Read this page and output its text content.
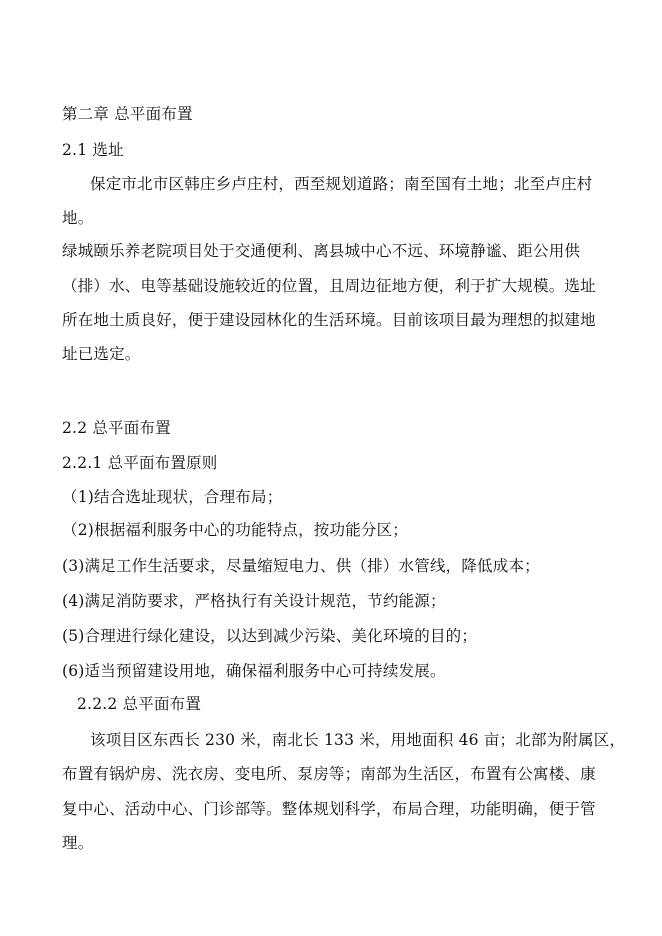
第二章 总平面布置
2.1 选址
保定市北市区韩庄乡卢庄村，西至规划道路；南至国有土地；北至卢庄村
地。
绿城颐乐养老院项目处于交通便利、离县城中心不远、环境静谧、距公用供
（排）水、电等基础设施较近的位置，且周边征地方便，利于扩大规模。选址
所在地土质良好，便于建设园林化的生活环境。目前该项目最为理想的拟建地
址已选定。
2.2 总平面布置
2.2.1 总平面布置原则
（1)结合选址现状，合理布局；
（2)根据福利服务中心的功能特点，按功能分区；
(3)满足工作生活要求，尽量缩短电力、供（排）水管线，降低成本；
(4)满足消防要求，严格执行有关设计规范，节约能源；
(5)合理进行绿化建设，以达到减少污染、美化环境的目的；
(6)适当预留建设用地，确保福利服务中心可持续发展。
2.2.2 总平面布置
该项目区东西长 230 米，南北长 133 米，用地面积 46 亩；北部为附属区，
布置有锅炉房、洗衣房、变电所、泵房等；南部为生活区，布置有公寓楼、康
复中心、活动中心、门诊部等。整体规划科学，布局合理，功能明确，便于管
理。
